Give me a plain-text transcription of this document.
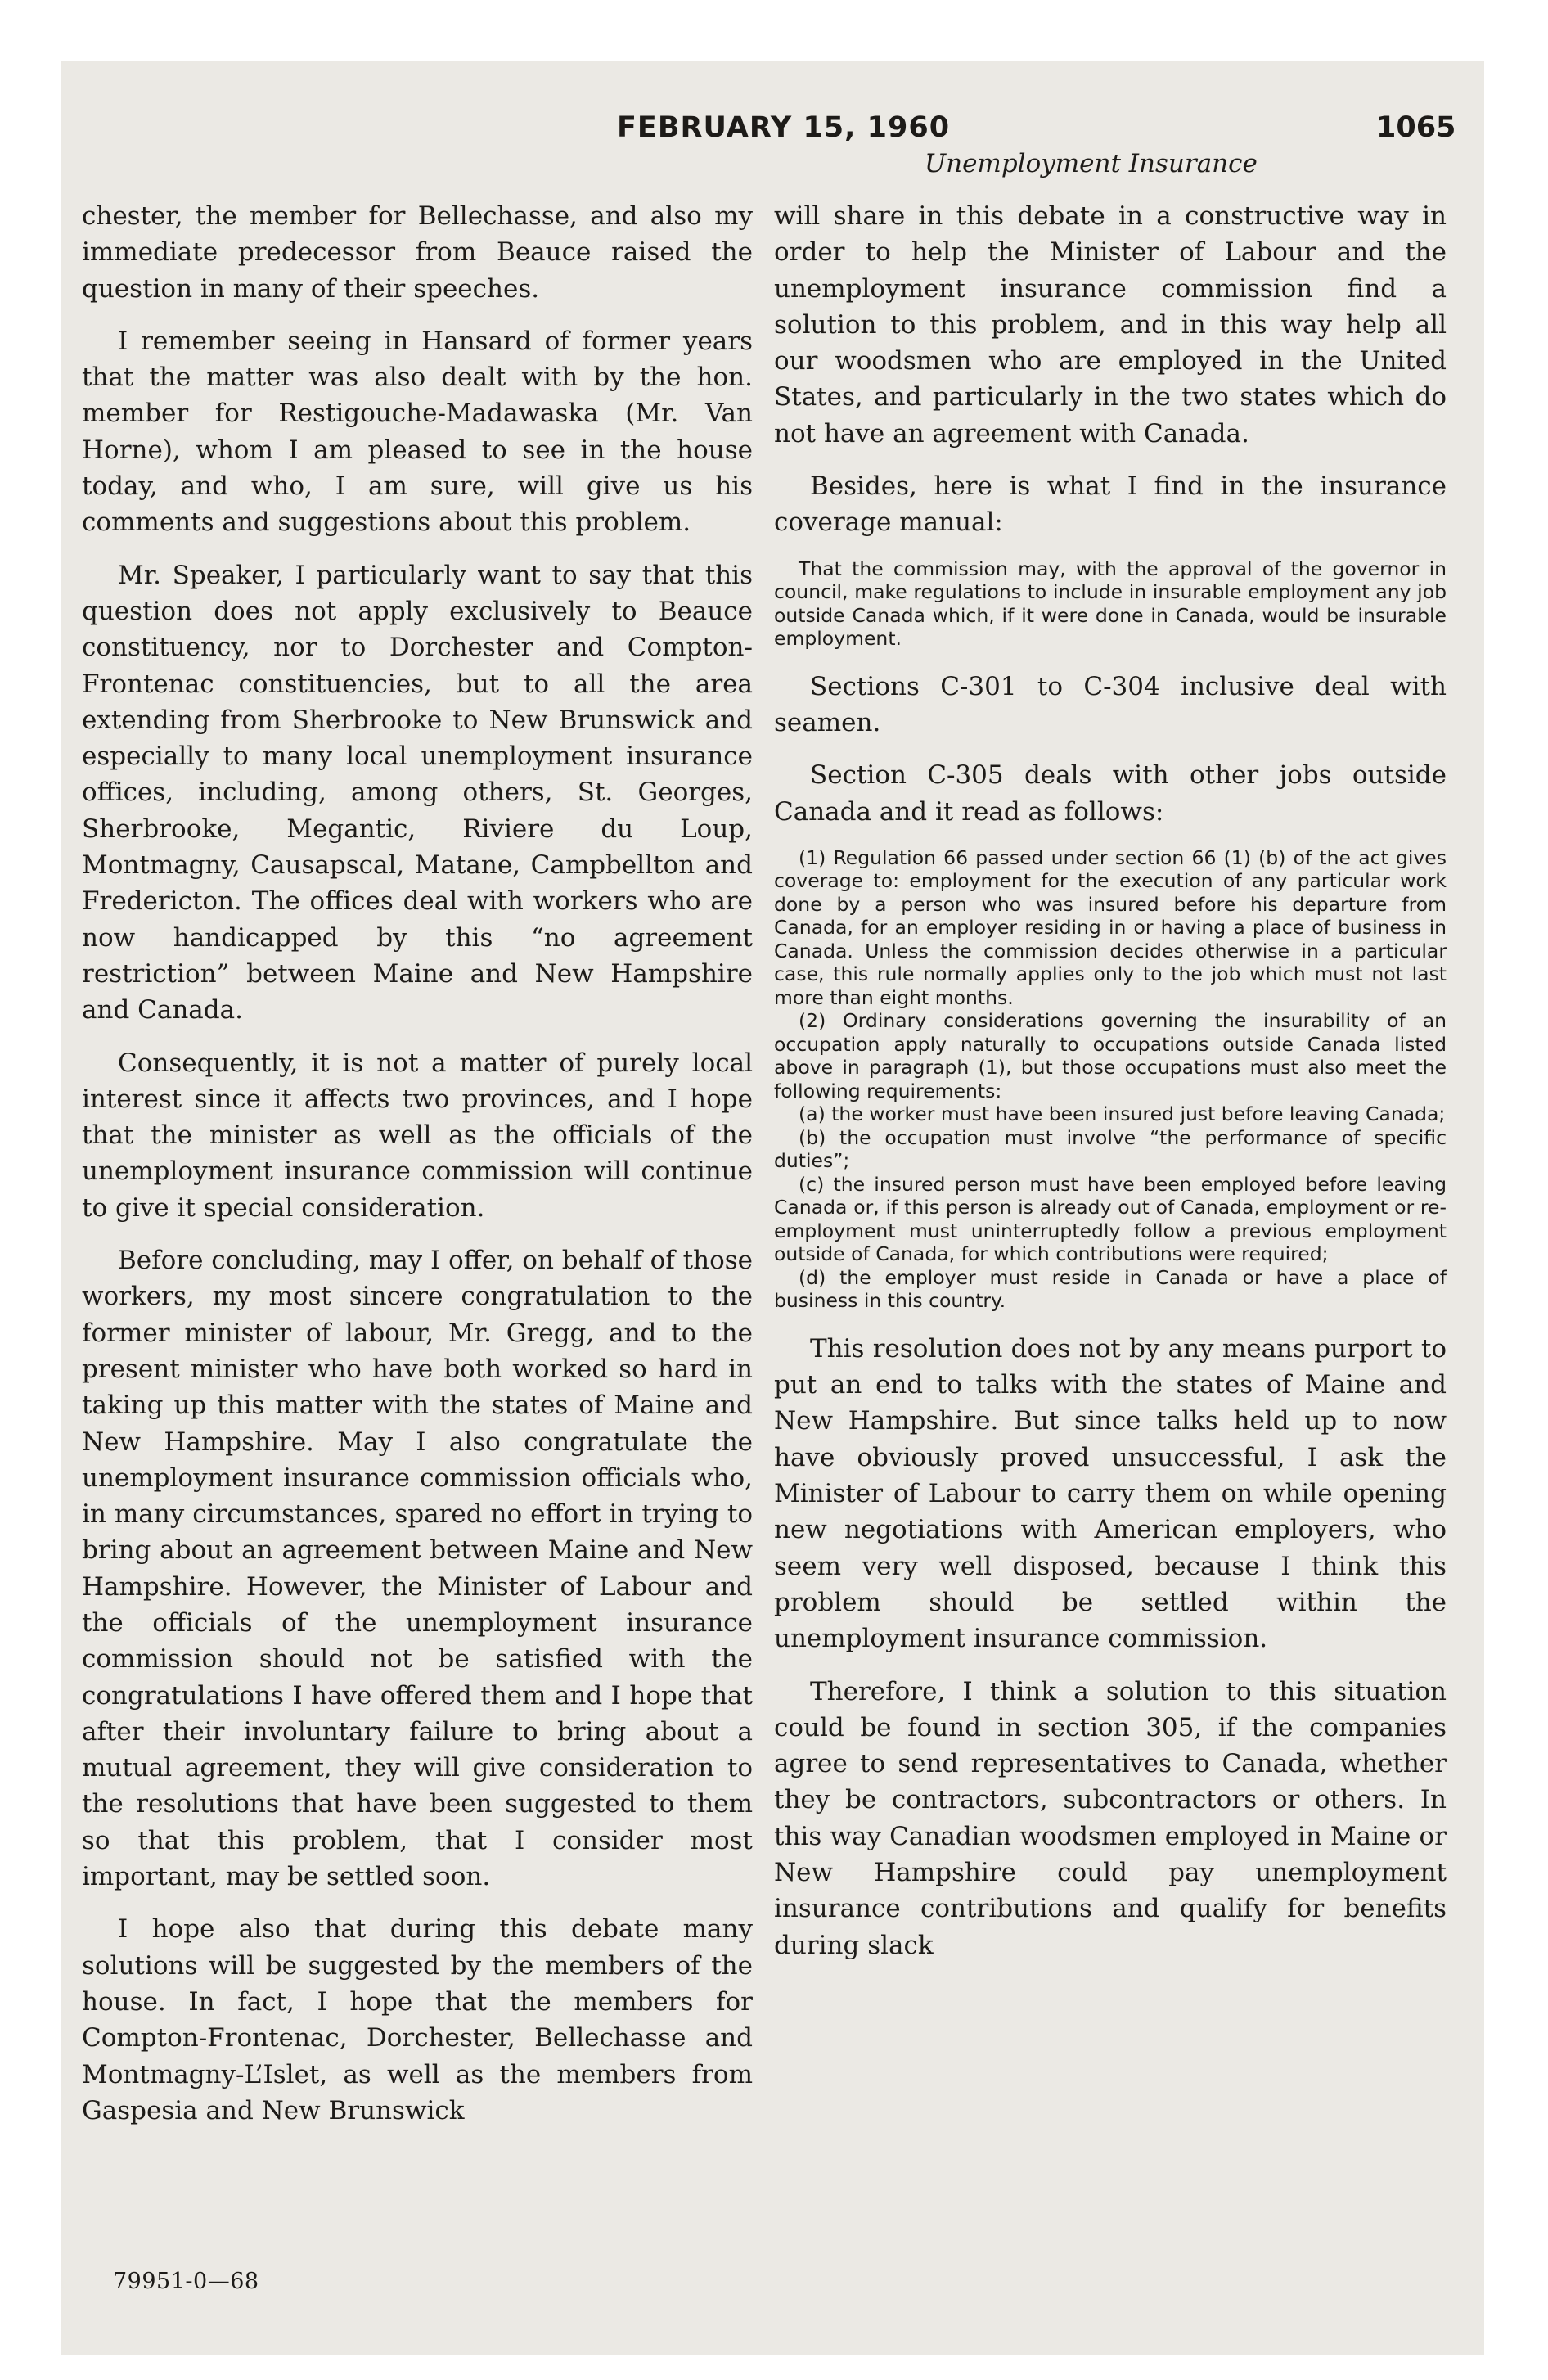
FEBRUARY 15, 1960	1065
Unemployment Insurance

chester, the member for Bellechasse, and also my immediate predecessor from Beauce raised the question in many of their speeches.

I remember seeing in Hansard of former years that the matter was also dealt with by the hon. member for Restigouche-Madawaska (Mr. Van Horne), whom I am pleased to see in the house today, and who, I am sure, will give us his comments and suggestions about this problem.

Mr. Speaker, I particularly want to say that this question does not apply exclusively to Beauce constituency, nor to Dorchester and Compton-Frontenac constituencies, but to all the area extending from Sherbrooke to New Brunswick and especially to many local unemployment insurance offices, including, among others, St. Georges, Sherbrooke, Megantic, Riviere du Loup, Montmagny, Causapscal, Matane, Campbellton and Fredericton. The offices deal with workers who are now handicapped by this “no agreement restriction” between Maine and New Hampshire and Canada.

Consequently, it is not a matter of purely local interest since it affects two provinces, and I hope that the minister as well as the officials of the unemployment insurance commission will continue to give it special consideration.

Before concluding, may I offer, on behalf of those workers, my most sincere congratulation to the former minister of labour, Mr. Gregg, and to the present minister who have both worked so hard in taking up this matter with the states of Maine and New Hampshire. May I also congratulate the unemployment insurance commission officials who, in many circumstances, spared no effort in trying to bring about an agreement between Maine and New Hampshire. However, the Minister of Labour and the officials of the unemployment insurance commission should not be satisfied with the congratulations I have offered them and I hope that after their involuntary failure to bring about a mutual agreement, they will give consideration to the resolutions that have been suggested to them so that this problem, that I consider most important, may be settled soon.

I hope also that during this debate many solutions will be suggested by the members of the house. In fact, I hope that the members for Compton-Frontenac, Dorchester, Bellechasse and Montmagny-L’Islet, as well as the members from Gaspesia and New Brunswick

79951-0—68

will share in this debate in a constructive way in order to help the Minister of Labour and the unemployment insurance commission find a solution to this problem, and in this way help all our woodsmen who are employed in the United States, and particularly in the two states which do not have an agreement with Canada.

Besides, here is what I find in the insurance coverage manual:

That the commission may, with the approval of the governor in council, make regulations to include in insurable employment any job outside Canada which, if it were done in Canada, would be insurable employment.

Sections C-301 to C-304 inclusive deal with seamen.

Section C-305 deals with other jobs outside Canada and it read as follows:

(1) Regulation 66 passed under section 66 (1) (b) of the act gives coverage to: employment for the execution of any particular work done by a person who was insured before his departure from Canada, for an employer residing in or having a place of business in Canada. Unless the commission decides otherwise in a particular case, this rule normally applies only to the job which must not last more than eight months.

(2) Ordinary considerations governing the insurability of an occupation apply naturally to occupations outside Canada listed above in paragraph (1), but those occupations must also meet the following requirements:

(a) the worker must have been insured just before leaving Canada;

(b) the occupation must involve “the performance of specific duties”;

(c) the insured person must have been employed before leaving Canada or, if this person is already out of Canada, employment or re-employment must uninterruptedly follow a previous employment outside of Canada, for which contributions were required;

(d) the employer must reside in Canada or have a place of business in this country.

This resolution does not by any means purport to put an end to talks with the states of Maine and New Hampshire. But since talks held up to now have obviously proved unsuccessful, I ask the Minister of Labour to carry them on while opening new negotiations with American employers, who seem very well disposed, because I think this problem should be settled within the unemployment insurance commission.

Therefore, I think a solution to this situation could be found in section 305, if the companies agree to send representatives to Canada, whether they be contractors, subcontractors or others. In this way Canadian woodsmen employed in Maine or New Hampshire could pay unemployment insurance contributions and qualify for benefits during slack
